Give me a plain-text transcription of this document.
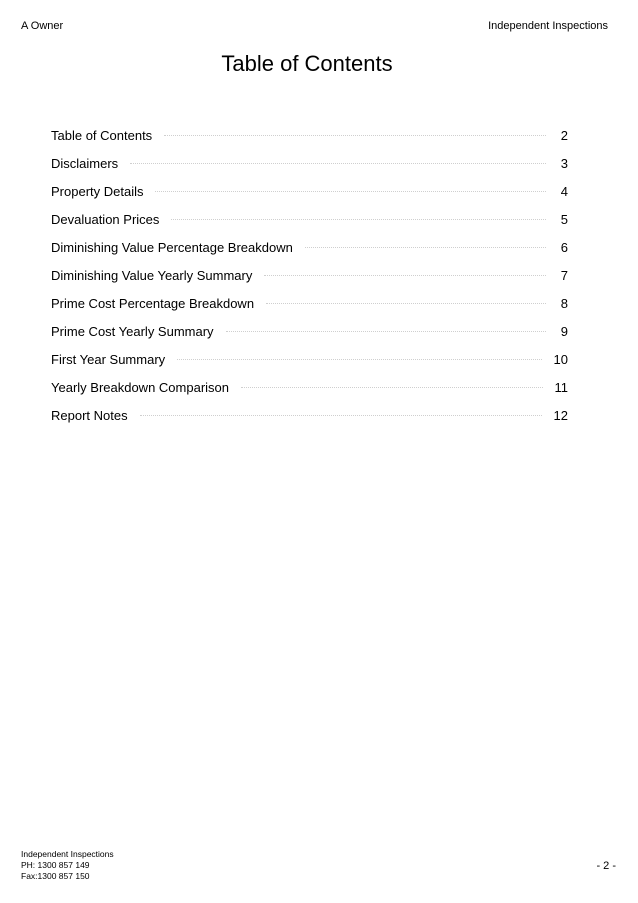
A Owner	Independent Inspections
Table of Contents
Table of Contents	2
Disclaimers	3
Property Details	4
Devaluation Prices	5
Diminishing Value Percentage Breakdown	6
Diminishing Value Yearly Summary	7
Prime Cost Percentage Breakdown	8
Prime Cost Yearly Summary	9
First Year Summary	10
Yearly Breakdown Comparison	11
Report Notes	12
Independent Inspections
PH: 1300 857 149
Fax:1300 857 150
- 2 -
